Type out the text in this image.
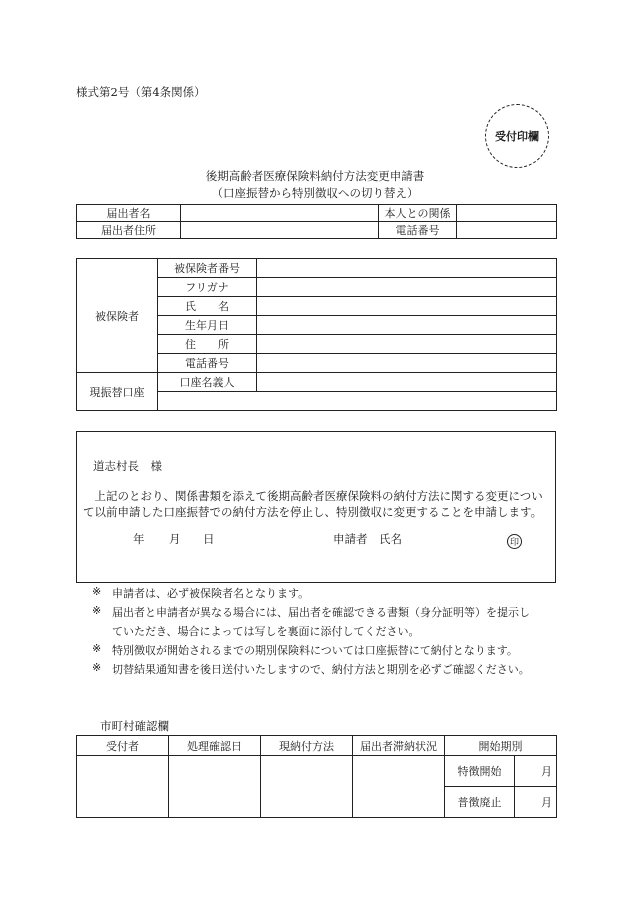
様式第2号（第4条関係）
受付印欄
後期高齢者医療保険料納付方法変更申請書
（口座振替から特別徴収への切り替え）
届出者名		本人との関係	
届出者住所		電話番号	
被保険者	被保険者番号	
	フリガナ	
	氏　　名	
	生年月日	
	住　　所	
	電話番号	
現振替口座	口座名義人	

道志村長　様
上記のとおり、関係書類を添えて後期高齢者医療保険料の納付方法に関する変更について以前申請した口座振替での納付方法を停止し、特別徴収に変更することを申請します。
年 月 日	申請者　氏名	印
※ 申請者は、必ず被保険者名となります。
※ 届出者と申請者が異なる場合には、届出者を確認できる書類（身分証明等）を提示し
ていただき、場合によっては写しを裏面に添付してください。
※ 特別徴収が開始されるまでの期別保険料については口座振替にて納付となります。
※ 切替結果通知書を後日送付いたしますので、納付方法と期別を必ずご確認ください。
市町村確認欄
受付者	処理確認日	現納付方法	届出者滞納状況	開始期別	
				特徴開始	月
				普徴廃止	月
